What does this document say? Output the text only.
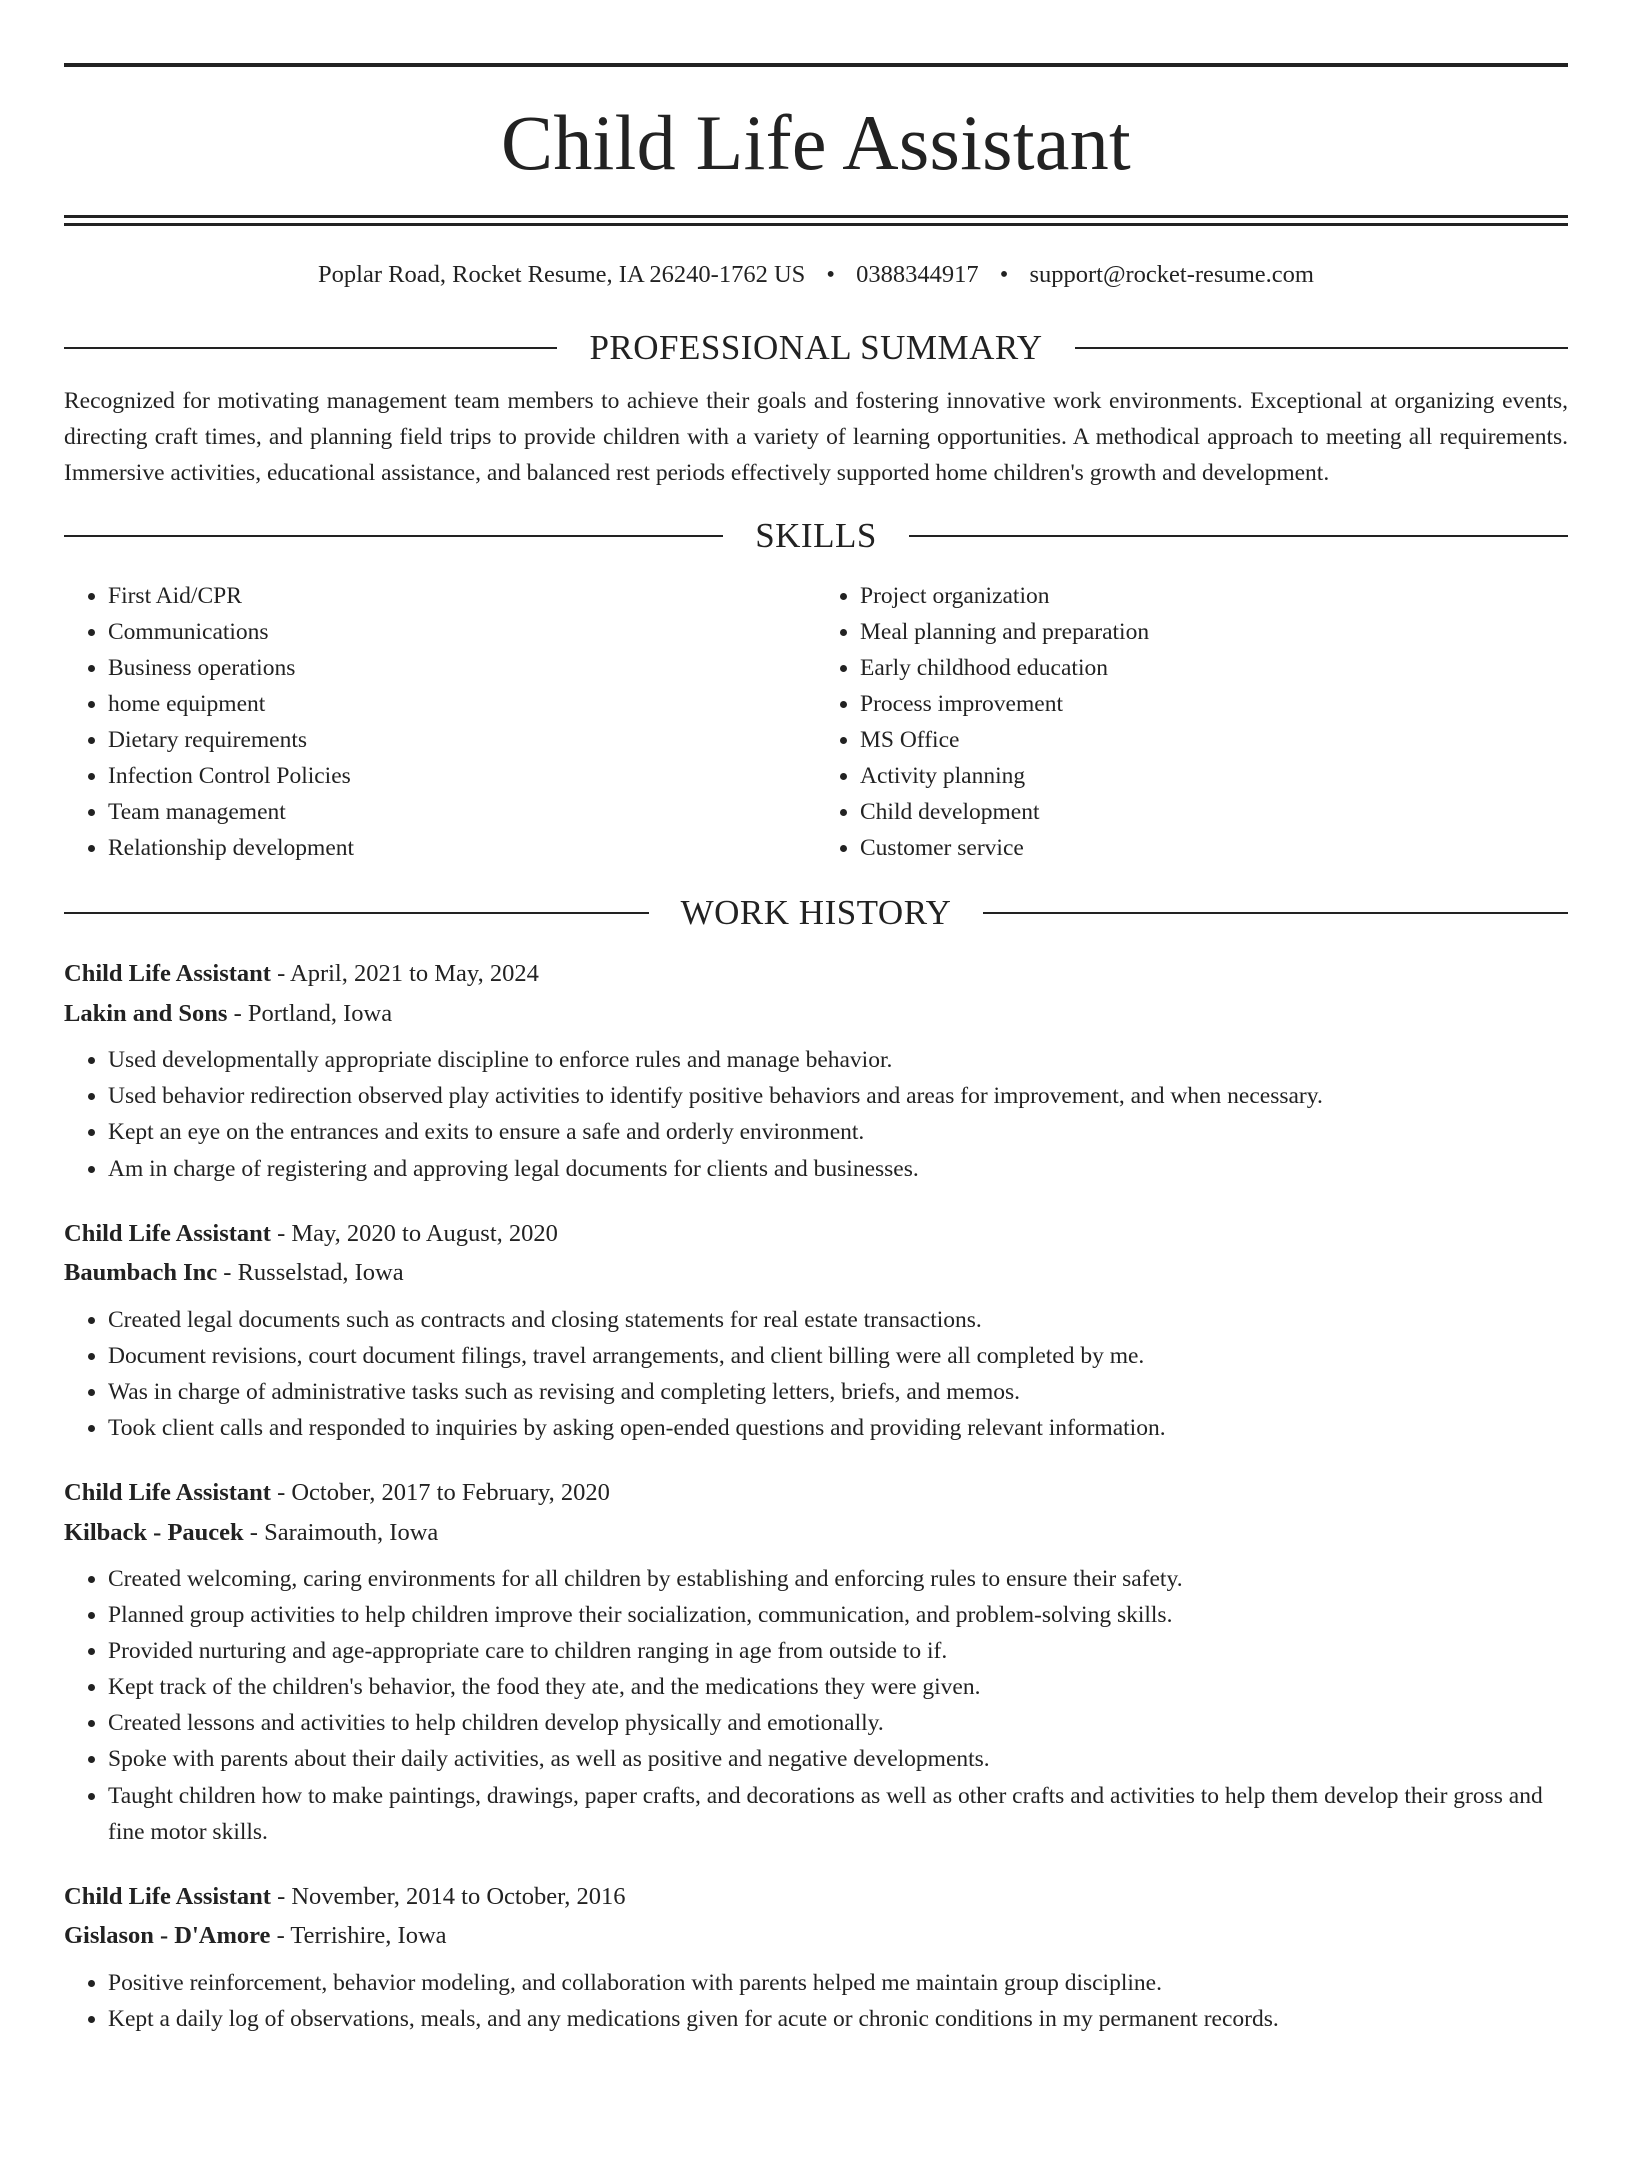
Child Life Assistant
Poplar Road, Rocket Resume, IA 26240-1762 US • 0388344917 • support@rocket-resume.com
PROFESSIONAL SUMMARY

Recognized for motivating management team members to achieve their goals and fostering innovative work environments. Exceptional at organizing events, directing craft times, and planning field trips to provide children with a variety of learning opportunities. A methodical approach to meeting all requirements. Immersive activities, educational assistance, and balanced rest periods effectively supported home children's growth and development.

SKILLS
• First Aid/CPR
• Communications
• Business operations
• home equipment
• Dietary requirements
• Infection Control Policies
• Team management
• Relationship development
• Project organization
• Meal planning and preparation
• Early childhood education
• Process improvement
• MS Office
• Activity planning
• Child development
• Customer service
WORK HISTORY
Child Life Assistant - April, 2021 to May, 2024
Lakin and Sons - Portland, Iowa
• Used developmentally appropriate discipline to enforce rules and manage behavior.
• Used behavior redirection observed play activities to identify positive behaviors and areas for improvement, and when necessary.
• Kept an eye on the entrances and exits to ensure a safe and orderly environment.
• Am in charge of registering and approving legal documents for clients and businesses.
Child Life Assistant - May, 2020 to August, 2020
Baumbach Inc - Russelstad, Iowa
• Created legal documents such as contracts and closing statements for real estate transactions.
• Document revisions, court document filings, travel arrangements, and client billing were all completed by me.
• Was in charge of administrative tasks such as revising and completing letters, briefs, and memos.
• Took client calls and responded to inquiries by asking open-ended questions and providing relevant information.
Child Life Assistant - October, 2017 to February, 2020
Kilback - Paucek - Saraimouth, Iowa
• Created welcoming, caring environments for all children by establishing and enforcing rules to ensure their safety.
• Planned group activities to help children improve their socialization, communication, and problem-solving skills.
• Provided nurturing and age-appropriate care to children ranging in age from outside to if.
• Kept track of the children's behavior, the food they ate, and the medications they were given.
• Created lessons and activities to help children develop physically and emotionally.
• Spoke with parents about their daily activities, as well as positive and negative developments.
• Taught children how to make paintings, drawings, paper crafts, and decorations as well as other crafts and activities to help them develop their gross and fine motor skills.
Child Life Assistant - November, 2014 to October, 2016
Gislason - D'Amore - Terrishire, Iowa
• Positive reinforcement, behavior modeling, and collaboration with parents helped me maintain group discipline.
• Kept a daily log of observations, meals, and any medications given for acute or chronic conditions in my permanent records.
